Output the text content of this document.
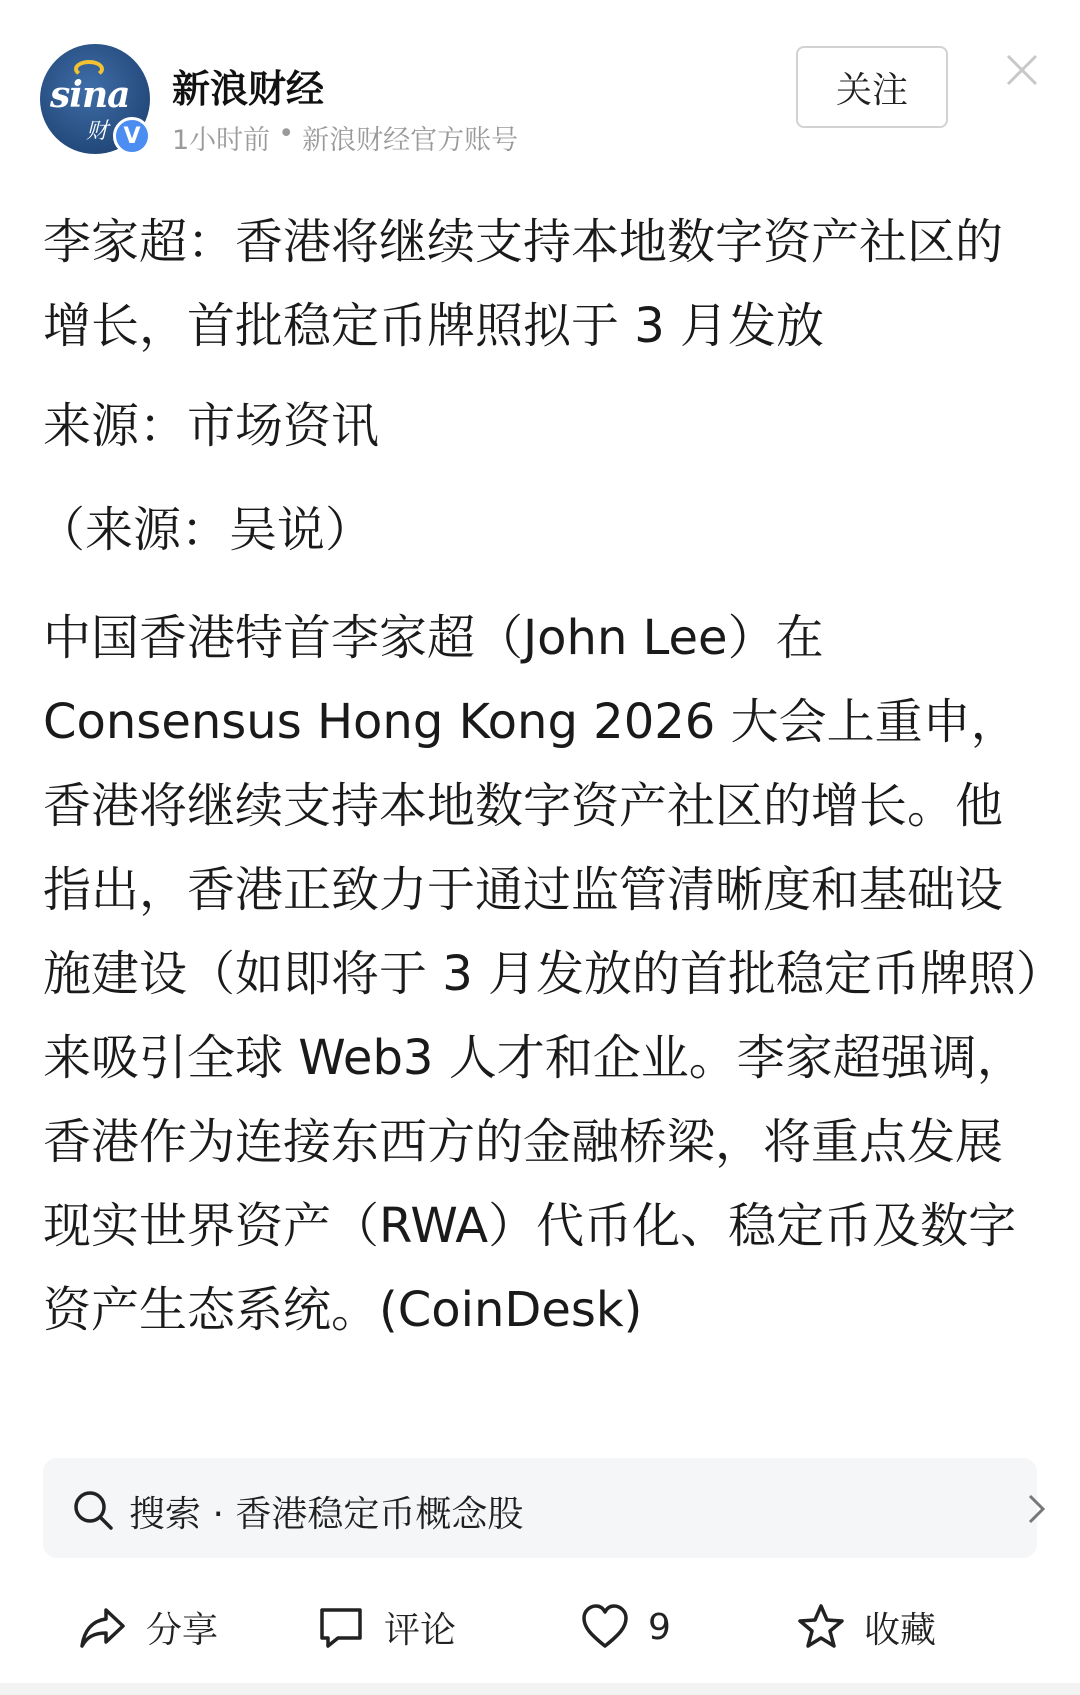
sina
财 V
新浪财经
1小时前 • 新浪财经官方账号
关注
李家超：香港将继续支持本地数字资产社区的增长，首批稳定币牌照拟于 3 月发放

来源：市场资讯

（来源：吴说）

中国香港特首李家超（John Lee）在 Consensus Hong Kong 2026 大会上重申，香港将继续支持本地数字资产社区的增长。他指出，香港正致力于通过监管清晰度和基础设施建设（如即将于 3 月发放的首批稳定币牌照）来吸引全球 Web3 人才和企业。李家超强调，香港作为连接东西方的金融桥梁，将重点发展现实世界资产（RWA）代币化、稳定币及数字资产生态系统。(CoinDesk)

搜索 · 香港稳定币概念股
分享	评论	9	收藏
